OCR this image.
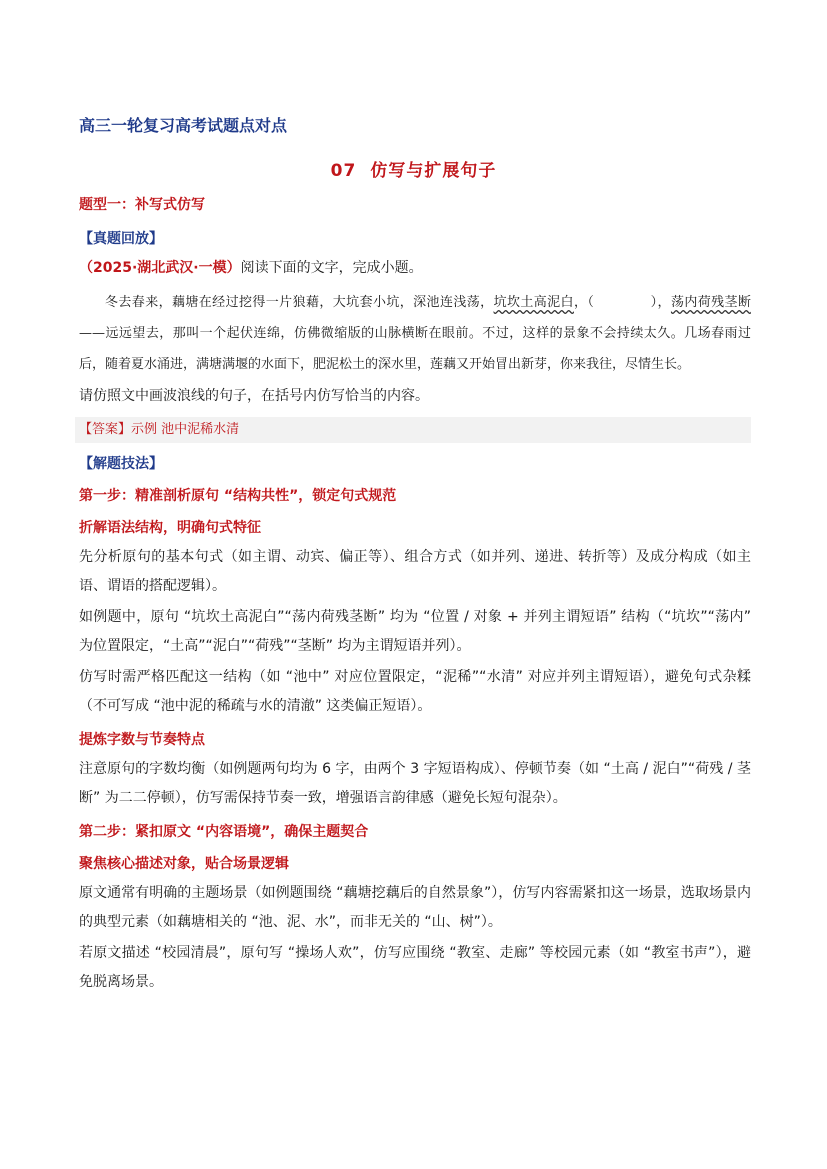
高三一轮复习高考试题点对点
07 仿写与扩展句子
题型一：补写式仿写
【真题回放】
（2025·湖北武汉·一模）阅读下面的文字，完成小题。
冬去春来，藕塘在经过挖得一片狼藉，大坑套小坑，深池连浅荡，坑坎土高泥白，（	），荡内荷残茎断——远远望去，那叫一个起伏连绵，仿佛微缩版的山脉横断在眼前。不过，这样的景象不会持续太久。几场春雨过后，随着夏水涌进，满塘满堰的水面下，肥泥松土的深水里，莲藕又开始冒出新芽，你来我往，尽情生长。
请仿照文中画波浪线的句子，在括号内仿写恰当的内容。
【答案】示例 池中泥稀水清
【解题技法】
第一步：精准剖析原句 “结构共性”，锁定句式规范
折解语法结构，明确句式特征
先分析原句的基本句式（如主谓、动宾、偏正等）、组合方式（如并列、递进、转折等）及成分构成（如主语、谓语的搭配逻辑）。
如例题中，原句 “坑坎土高泥白”“荡内荷残茎断” 均为 “位置 / 对象 + 并列主谓短语” 结构（“坑坎”“荡内” 为位置限定，“土高”“泥白”“荷残”“茎断” 均为主谓短语并列）。
仿写时需严格匹配这一结构（如 “池中” 对应位置限定，“泥稀”“水清” 对应并列主谓短语），避免句式杂糅（不可写成 “池中泥的稀疏与水的清澈” 这类偏正短语）。
提炼字数与节奏特点
注意原句的字数均衡（如例题两句均为 6 字，由两个 3 字短语构成）、停顿节奏（如 “土高 / 泥白”“荷残 / 茎断” 为二二停顿），仿写需保持节奏一致，增强语言韵律感（避免长短句混杂）。
第二步：紧扣原文 “内容语境”，确保主题契合
聚焦核心描述对象，贴合场景逻辑
原文通常有明确的主题场景（如例题围绕 “藕塘挖藕后的自然景象”），仿写内容需紧扣这一场景，选取场景内的典型元素（如藕塘相关的 “池、泥、水”，而非无关的 “山、树”）。
若原文描述 “校园清晨”，原句写 “操场人欢”，仿写应围绕 “教室、走廊” 等校园元素（如 “教室书声”），避免脱离场景。
